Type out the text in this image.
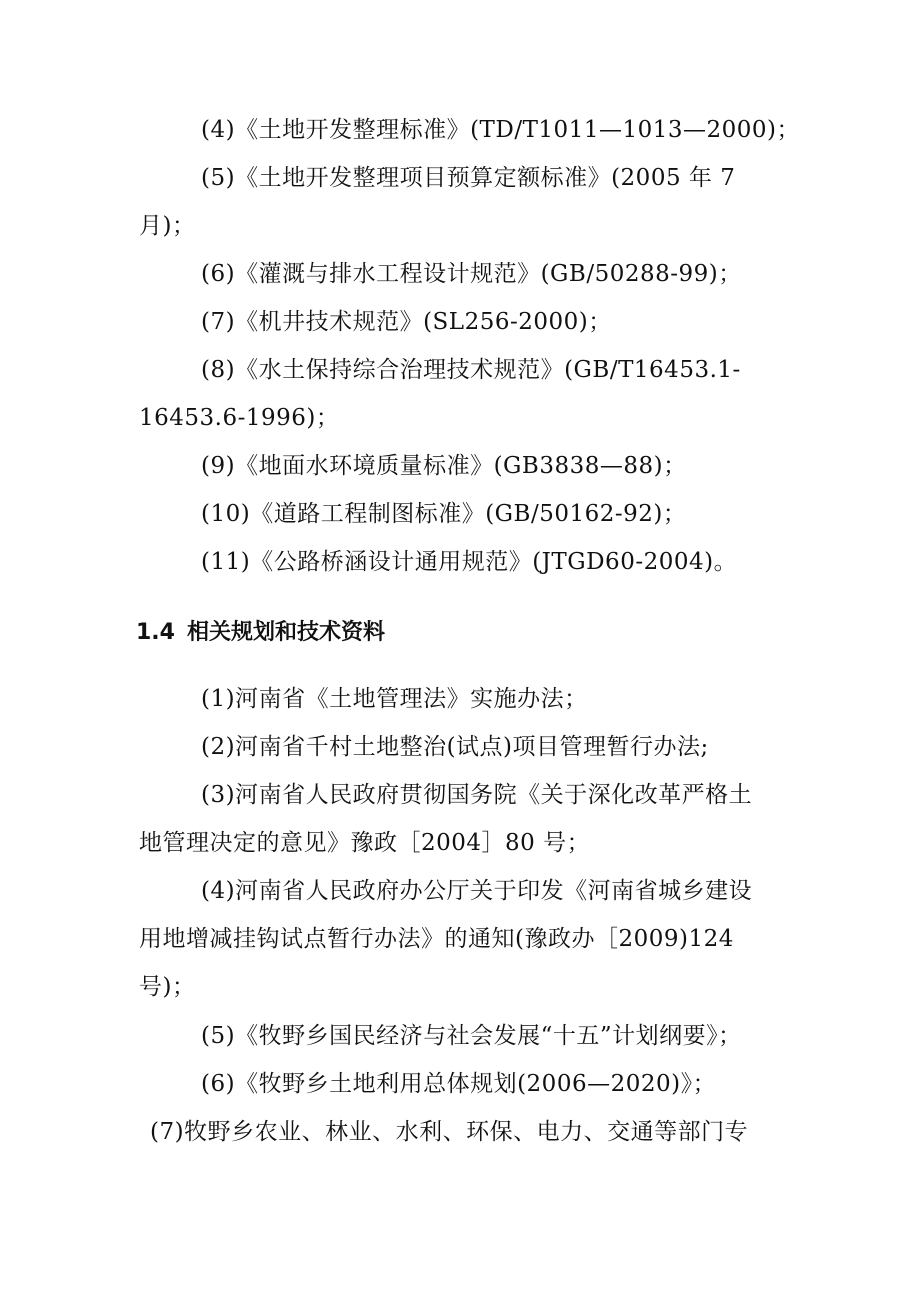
(4)《土地开发整理标准》(TD/T1011—1013—2000)；
(5)《土地开发整理项目预算定额标准》(2005 年 7
月)；
(6)《灌溉与排水工程设计规范》(GB/50288-99)；
(7)《机井技术规范》(SL256-2000)；
(8)《水土保持综合治理技术规范》(GB/T16453.1-
16453.6-1996)；
(9)《地面水环境质量标准》(GB3838—88)；
(10)《道路工程制图标准》(GB/50162-92)；
(11)《公路桥涵设计通用规范》(JTGD60-2004)。
1.4 相关规划和技术资料
(1)河南省《土地管理法》实施办法；
(2)河南省千村土地整治(试点)项目管理暂行办法;
(3)河南省人民政府贯彻国务院《关于深化改革严格土
地管理决定的意见》豫政［2004］80 号；
(4)河南省人民政府办公厅关于印发《河南省城乡建设
用地增减挂钩试点暂行办法》的通知(豫政办［2009)124
号)；
(5)《牧野乡国民经济与社会发展“十五”计划纲要》；
(6)《牧野乡土地利用总体规划(2006—2020)》；
(7)牧野乡农业、林业、水利、环保、电力、交通等部门专
